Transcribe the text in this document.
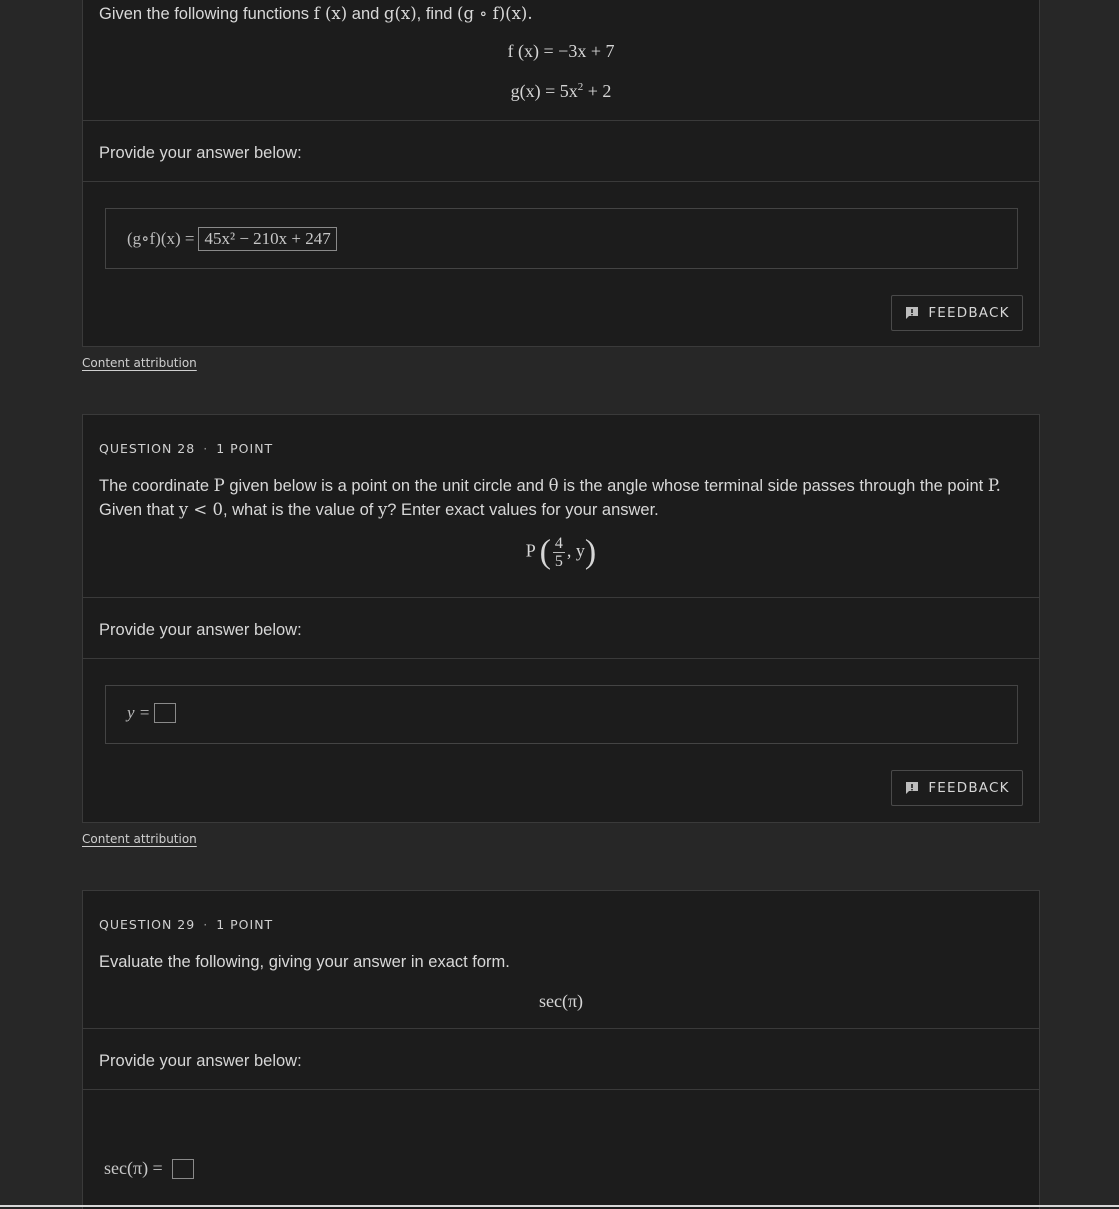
Given the following functions f (x) and g(x), find (g ∘ f)(x).
f (x) = −3x + 7
$g(x) = 5x^2 + 2$
Provide your answer below:
(g∘f)(x) = 45x² − 210x + 247
FEEDBACK
Content attribution
QUESTION 28 · 1 POINT
The coordinate P given below is a point on the unit circle and θ is the angle whose terminal side passes through the point P.
Given that y < 0, what is the value of y? Enter exact values for your answer.
P ( $\frac{4}{5}$ , y)
Provide your answer below:
y =
FEEDBACK
Content attribution
QUESTION 29 · 1 POINT
Evaluate the following, giving your answer in exact form.
sec(π)
Provide your answer below:
sec(π) =
